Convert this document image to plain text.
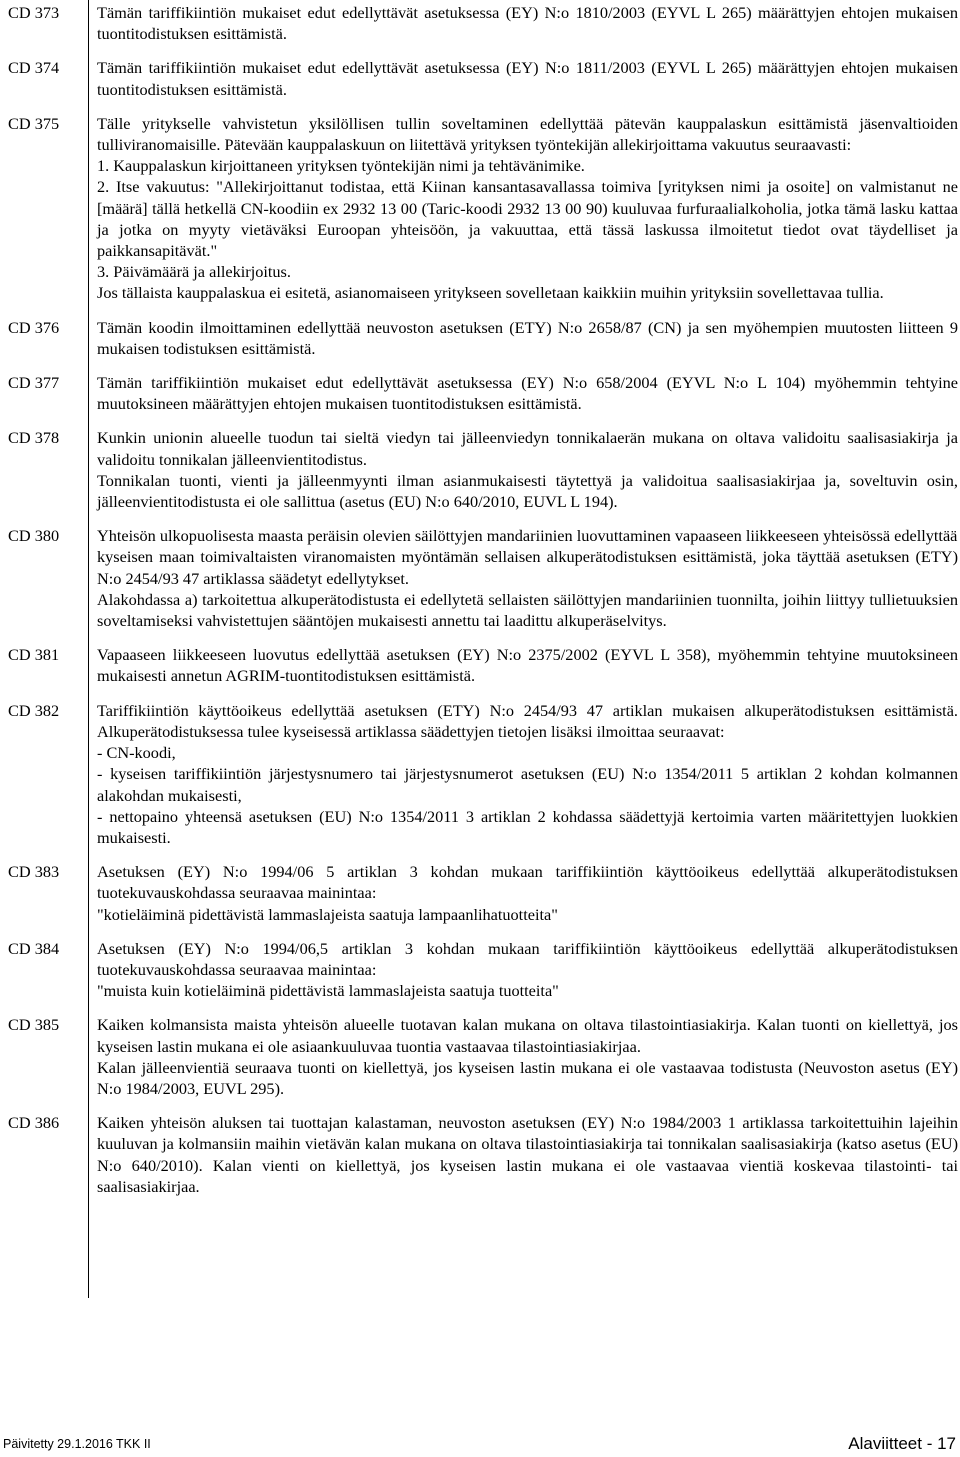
CD 373	Tämän tariffikiintiön mukaiset edut edellyttävät asetuksessa (EY) N:o 1810/2003 (EYVL L 265) määrättyjen ehtojen mukaisen tuontitodistuksen esittämistä.

CD 374	Tämän tariffikiintiön mukaiset edut edellyttävät asetuksessa (EY) N:o 1811/2003 (EYVL L 265) määrättyjen ehtojen mukaisen tuontitodistuksen esittämistä.

CD 375	Tälle yritykselle vahvistetun yksilöllisen tullin soveltaminen edellyttää pätevän kauppalaskun esittämistä jäsenvaltioiden tulliviranomaisille. Pätevään kauppalaskuun on liitettävä yrityksen työntekijän allekirjoittama vakuutus seuraavasti:

1. Kauppalaskun kirjoittaneen yrityksen työntekijän nimi ja tehtävänimike.

2. Itse vakuutus: "Allekirjoittanut todistaa, että Kiinan kansantasavallassa toimiva [yrityksen nimi ja osoite] on valmistanut ne [määrä] tällä hetkellä CN-koodiin ex 2932 13 00 (Taric-koodi 2932 13 00 90) kuuluvaa furfuraalialkoholia, jotka tämä lasku kattaa ja jotka on myyty vietäväksi Euroopan yhteisöön, ja vakuuttaa, että tässä laskussa ilmoitetut tiedot ovat täydelliset ja paikkansapitävät."

3. Päivämäärä ja allekirjoitus.

Jos tällaista kauppalaskua ei esitetä, asianomaiseen yritykseen sovelletaan kaikkiin muihin yrityksiin sovellettavaa tullia.

CD 376	Tämän koodin ilmoittaminen edellyttää neuvoston asetuksen (ETY) N:o 2658/87 (CN) ja sen myöhempien muutosten liitteen 9 mukaisen todistuksen esittämistä.

CD 377	Tämän tariffikiintiön mukaiset edut edellyttävät asetuksessa (EY) N:o 658/2004 (EYVL N:o L 104) myöhemmin tehtyine muutoksineen määrättyjen ehtojen mukaisen tuontitodistuksen esittämistä.

CD 378	Kunkin unionin alueelle tuodun tai sieltä viedyn tai jälleenviedyn tonnikalaerän mukana on oltava validoitu saalisasiakirja ja validoitu tonnikalan jälleenvientitodistus.

Tonnikalan tuonti, vienti ja jälleenmyynti ilman asianmukaisesti täytettyä ja validoitua saalisasiakirjaa ja, soveltuvin osin, jälleenvientitodistusta ei ole sallittua (asetus (EU) N:o 640/2010, EUVL L 194).

CD 380	Yhteisön ulkopuolisesta maasta peräisin olevien säilöttyjen mandariinien luovuttaminen vapaaseen liikkeeseen yhteisössä edellyttää

kyseisen maan toimivaltaisten viranomaisten myöntämän sellaisen alkuperätodistuksen esittämistä, joka täyttää asetuksen (ETY) N:o 2454/93 47 artiklassa säädetyt edellytykset.

Alakohdassa a) tarkoitettua alkuperätodistusta ei edellytetä sellaisten säilöttyjen mandariinien tuonnilta, joihin liittyy tullietuuksien soveltamiseksi vahvistettujen sääntöjen mukaisesti annettu tai laadittu alkuperäselvitys.

CD 381	Vapaaseen liikkeeseen luovutus edellyttää asetuksen (EY) N:o 2375/2002 (EYVL L 358), myöhemmin tehtyine muutoksineen mukaisesti annetun AGRIM-tuontitodistuksen esittämistä.

CD 382	Tariffikiintiön käyttöoikeus edellyttää asetuksen (ETY) N:o 2454/93 47 artiklan mukaisen alkuperätodistuksen esittämistä. Alkuperätodistuksessa tulee kyseisessä artiklassa säädettyjen tietojen lisäksi ilmoittaa seuraavat:

- CN-koodi,

- kyseisen tariffikiintiön järjestysnumero tai järjestysnumerot asetuksen (EU) N:o 1354/2011 5 artiklan 2 kohdan kolmannen alakohdan mukaisesti,

- nettopaino yhteensä asetuksen (EU) N:o 1354/2011 3 artiklan 2 kohdassa säädettyjä kertoimia varten määritettyjen luokkien mukaisesti.

CD 383	Asetuksen (EY) N:o 1994/06 5 artiklan 3 kohdan mukaan tariffikiintiön käyttöoikeus edellyttää alkuperätodistuksen tuotekuvauskohdassa seuraavaa mainintaa:

"kotieläiminä pidettävistä lammaslajeista saatuja lampaanlihatuotteita"

CD 384	Asetuksen (EY) N:o 1994/06,5 artiklan 3 kohdan mukaan tariffikiintiön käyttöoikeus edellyttää alkuperätodistuksen tuotekuvauskohdassa seuraavaa mainintaa:

"muista kuin kotieläiminä pidettävistä lammaslajeista saatuja tuotteita"

CD 385	Kaiken kolmansista maista yhteisön alueelle tuotavan kalan mukana on oltava tilastointiasiakirja. Kalan tuonti on kiellettyä, jos kyseisen lastin mukana ei ole asiaankuuluvaa tuontia vastaavaa tilastointiasiakirjaa.

Kalan jälleenvientiä seuraava tuonti on kiellettyä, jos kyseisen lastin mukana ei ole vastaavaa todistusta (Neuvoston asetus (EY) N:o 1984/2003, EUVL 295).

CD 386	Kaiken yhteisön aluksen tai tuottajan kalastaman, neuvoston asetuksen (EY) N:o 1984/2003 1 artiklassa tarkoitettuihin lajeihin kuuluvan ja kolmansiin maihin vietävän kalan mukana on oltava tilastointiasiakirja tai tonnikalan saalisasiakirja (katso asetus (EU) N:o 640/2010). Kalan vienti on kiellettyä, jos kyseisen lastin mukana ei ole vastaavaa vientiä koskevaa tilastointi- tai saalisasiakirjaa.

Päivitetty 29.1.2016 TKK II	Alaviitteet - 17
